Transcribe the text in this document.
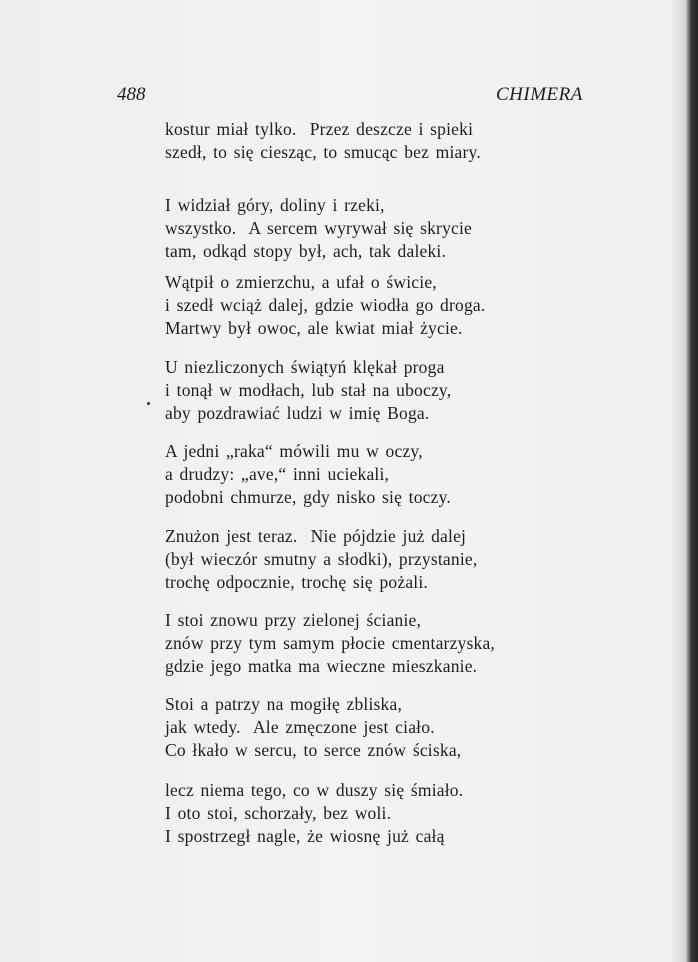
488	CHIMERA
kostur miał tylko.  Przez deszcze i spieki
szedł, to się ciesząc, to smucąc bez miary.
I widział góry, doliny i rzeki,
wszystko.  A sercem wyrywał się skrycie
tam, odkąd stopy był, ach, tak daleki.
Wątpił o zmierzchu, a ufał o świcie,
i szedł wciąż dalej, gdzie wiodła go droga.
Martwy był owoc, ale kwiat miał życie.
U niezliczonych świątyń klękał proga
i tonął w modłach, lub stał na uboczy,
aby pozdrawiać ludzi w imię Boga.
A jedni „raka“ mówili mu w oczy,
a drudzy: „ave,“ inni uciekali,
podobni chmurze, gdy nisko się toczy.
Znużon jest teraz.  Nie pójdzie już dalej
(był wieczór smutny a słodki), przystanie,
trochę odpocznie, trochę się pożali.
I stoi znowu przy zielonej ścianie,
znów przy tym samym płocie cmentarzyska,
gdzie jego matka ma wieczne mieszkanie.
Stoi a patrzy na mogiłę zbliska,
jak wtedy.  Ale zmęczone jest ciało.
Co łkało w sercu, to serce znów ściska,
lecz niema tego, co w duszy się śmiało.
I oto stoi, schorzały, bez woli.
I spostrzegł nagle, że wiosnę już całą
